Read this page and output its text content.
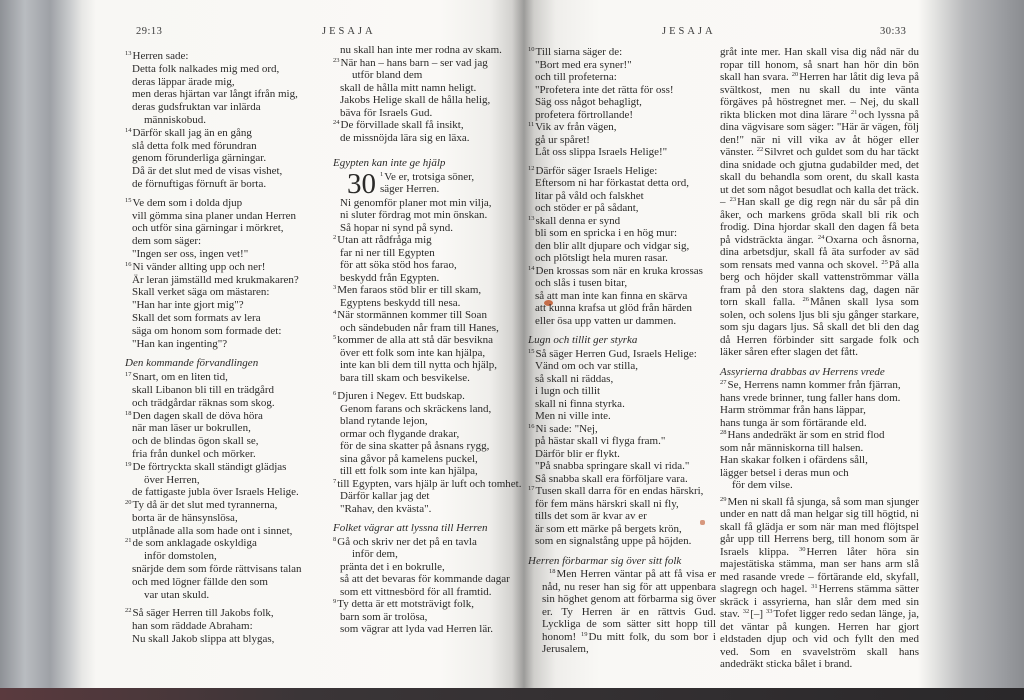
29:13	JESAJA	JESAJA	30:33
$^{13}$Herren sade:
Detta folk nalkades mig med ord,
deras läppar ärade mig,
men deras hjärtan var långt ifrån mig,
deras gudsfruktan var inlärda
människobud.
$^{14}$Därför skall jag än en gång
slå detta folk med förundran
genom förunderliga gärningar.
Då är det slut med de visas vishet,
de förnuftigas förnuft är borta.
$^{15}$Ve dem som i dolda djup
vill gömma sina planer undan Herren
och utför sina gärningar i mörkret,
dem som säger:
"Ingen ser oss, ingen vet!"
$^{16}$Ni vänder allting upp och ner!
Är leran jämställd med krukmakaren?
Skall verket säga om mästaren:
"Han har inte gjort mig"?
Skall det som formats av lera
säga om honom som formade det:
"Han kan ingenting"?
Den kommande förvandlingen
$^{17}$Snart, om en liten tid,
skall Libanon bli till en trädgård
och trädgårdar räknas som skog.
$^{18}$Den dagen skall de döva höra
när man läser ur bokrullen,
och de blindas ögon skall se,
fria från dunkel och mörker.
$^{19}$De förtryckta skall ständigt glädjas
över Herren,
de fattigaste jubla över Israels Helige.
$^{20}$Ty då är det slut med tyrannerna,
borta är de hänsynslösa,
utplånade alla som hade ont i sinnet,
$^{21}$de som anklagade oskyldiga
inför domstolen,
snärjde dem som förde rättvisans talan
och med lögner fällde den som
var utan skuld.
$^{22}$Så säger Herren till Jakobs folk,
han som räddade Abraham:
Nu skall Jakob slippa att blygas,
nu skall han inte mer rodna av skam.
$^{23}$När han – hans barn – ser vad jag
utför bland dem
skall de hålla mitt namn heligt.
Jakobs Helige skall de hålla helig,
bäva för Israels Gud.
$^{24}$De förvillade skall få insikt,
de missnöjda lära sig en läxa.
Egypten kan inte ge hjälp
30 $^1$Ve er, trotsiga söner,
säger Herren.
Ni genomför planer mot min vilja,
ni sluter fördrag mot min önskan.
Så hopar ni synd på synd.
$^2$Utan att rådfråga mig
far ni ner till Egypten
för att söka stöd hos farao,
beskydd från Egypten.
$^3$Men faraos stöd blir er till skam,
Egyptens beskydd till nesa.
$^4$När stormännen kommer till Soan
och sändebuden når fram till Hanes,
$^5$kommer de alla att stå där besvikna
över ett folk som inte kan hjälpa,
inte kan bli dem till nytta och hjälp,
bara till skam och besvikelse.
$^6$Djuren i Negev. Ett budskap.
Genom farans och skräckens land,
bland rytande lejon,
ormar och flygande drakar,
för de sina skatter på åsnans rygg,
sina gåvor på kamelens puckel,
till ett folk som inte kan hjälpa,
$^7$till Egypten, vars hjälp är luft och tomhet.
Därför kallar jag det
"Rahav, den kvästa".
Folket vägrar att lyssna till Herren
$^8$Gå och skriv ner det på en tavla
inför dem,
pränta det i en bokrulle,
så att det bevaras för kommande dagar
som ett vittnesbörd för all framtid.
$^9$Ty detta är ett motsträvigt folk,
barn som är trolösa,
som vägrar att lyda vad Herren lär.
$^{10}$Till siarna säger de:
"Bort med era syner!"
och till profeterna:
"Profetera inte det rätta för oss!
Säg oss något behagligt,
profetera förtrollande!
$^{11}$Vik av från vägen,
gå ur spåret!
Låt oss slippa Israels Helige!"
$^{12}$Därför säger Israels Helige:
Eftersom ni har förkastat detta ord,
litar på våld och falskhet
och stöder er på sådant,
$^{13}$skall denna er synd
bli som en spricka i en hög mur:
den blir allt djupare och vidgar sig,
och plötsligt hela muren rasar.
$^{14}$Den krossas som när en kruka krossas
och slås i tusen bitar,
så att man inte kan finna en skärva
att kunna krafsa ut glöd från härden
eller ösa upp vatten ur dammen.
Lugn och tillit ger styrka
$^{15}$Så säger Herren Gud, Israels Helige:
Vänd om och var stilla,
så skall ni räddas,
i lugn och tillit
skall ni finna styrka.
Men ni ville inte.
$^{16}$Ni sade: "Nej,
på hästar skall vi flyga fram."
Därför blir er flykt.
"På snabba springare skall vi rida."
Så snabba skall era förföljare vara.
$^{17}$Tusen skall darra för en endas härskri,
för fem mäns härskri skall ni fly,
tills det som är kvar av er
är som ett märke på bergets krön,
som en signalstång uppe på höjden.
Herren förbarmar sig över sitt folk
$^{18}$Men Herren väntar på att få visa er nåd, nu reser han sig för att uppenbara sin höghet genom att förbarma sig över er. Ty Herren är en rättvis Gud. Lyckliga de som sätter sitt hopp till honom! $^{19}$Du mitt folk, du som bor i Jerusalem,
gråt inte mer. Han skall visa dig nåd när du ropar till honom, så snart han hör din bön skall han svara. $^{20}$Herren har låtit dig leva på svältkost, men nu skall du inte vänta förgäves på höstregnet mer. – Nej, du skall rikta blicken mot dina lärare $^{21}$och lyssna på dina vägvisare som säger: "Här är vägen, följ den!" när ni vill vika av åt höger eller vänster. $^{22}$Silvret och guldet som du har täckt dina snidade och gjutna gudabilder med, det skall du behandla som orent, du skall kasta ut det som något besudlat och kalla det träck. – $^{23}$Han skall ge dig regn när du sår på din åker, och markens gröda skall bli rik och frodig. Dina hjordar skall den dagen få beta på vidsträckta ängar. $^{24}$Oxarna och åsnorna, dina arbetsdjur, skall få äta surfoder av säd som rensats med vanna och skovel. $^{25}$På alla berg och höjder skall vattenströmmar välla fram på den stora slaktens dag, dagen när torn skall falla. $^{26}$Månen skall lysa som solen, och solens ljus bli sju gånger starkare, som sju dagars ljus. Så skall det bli den dag då Herren förbinder sitt sargade folk och läker såren efter slagen det fått.
Assyrierna drabbas av Herrens vrede
$^{27}$Se, Herrens namn kommer från fjärran,
hans vrede brinner, tung faller hans dom.
Harm strömmar från hans läppar,
hans tunga är som förtärande eld.
$^{28}$Hans andedräkt är som en strid flod
som når människorna till halsen.
Han skakar folken i ofärdens såll,
lägger betsel i deras mun och
för dem vilse.
$^{29}$Men ni skall få sjunga, så som man sjunger under en natt då man helgar sig till högtid, ni skall få glädja er som när man med flöjtspel går upp till Herrens berg, till honom som är Israels klippa. $^{30}$Herren låter höra sin majestätiska stämma, man ser hans arm slå med rasande vrede – förtärande eld, skyfall, slagregn och hagel. $^{31}$Herrens stämma sätter skräck i assyrierna, han slår dem med sin stav. $^{32}$[–] $^{33}$Tofet ligger redo sedan länge, ja, det väntar på kungen. Herren har gjort eldstaden djup och vid och fyllt den med ved. Som en svavelström skall hans andedräkt sticka bålet i brand.
